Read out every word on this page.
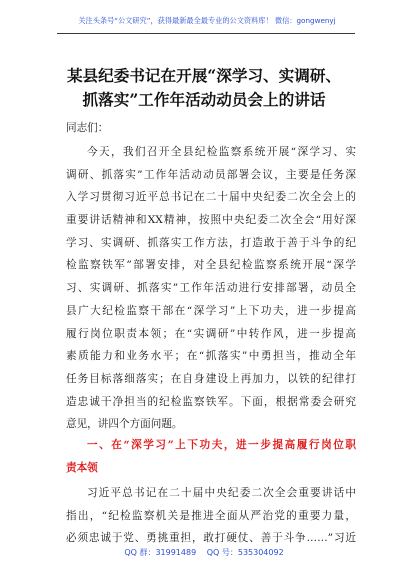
关注头条号“公文研究”，获得最新最全最专业的公文资料库！ 微信：gongwenyj
某县纪委书记在开展“深学习、实调研、
抓落实”工作年活动动员会上的讲话
同志们：
今天，我们召开全县纪检监察系统开展“深学习、实
调研、抓落实”工作年活动动员部署会议，主要是任务深
入学习贯彻习近平总书记在二十届中央纪委二次全会上的
重要讲话精神和XX精神，按照中央纪委二次全会“用好深
学习、实调研、抓落实工作方法，打造敢于善于斗争的纪
检监察铁军”部署安排，对全县纪检监察系统开展“深学
习、实调研、抓落实”工作年活动进行安排部署，动员全
县广大纪检监察干部在“深学习”上下功夫，进一步提高
履行岗位职责本领；在“实调研”中转作风，进一步提高
素质能力和业务水平；在“抓落实”中勇担当，推动全年
任务目标落细落实；在自身建设上再加力，以铁的纪律打
造忠诚干净担当的纪检监察铁军。下面，根据常委会研究
意见，讲四个方面问题。
一、在“深学习”上下功夫，进一步提高履行岗位职
责本领
习近平总书记在二十届中央纪委二次全会重要讲话中
指出，“纪检监察机关是推进全面从严治党的重要力量，
必须忠诚于党、勇挑重担，敢打硬仗、善于斗争……”习近
QQ 群：31991489 QQ 号：535304092
